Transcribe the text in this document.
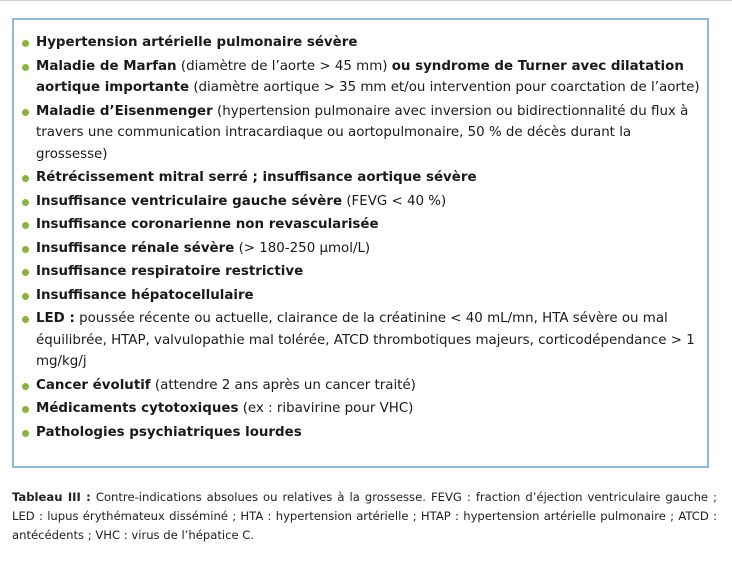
Hypertension artérielle pulmonaire sévère
Maladie de Marfan (diamètre de l’aorte > 45 mm) ou syndrome de Turner avec dilatation aortique importante (diamètre aortique > 35 mm et/ou intervention pour coarctation de l’aorte)
Maladie d’Eisenmenger (hypertension pulmonaire avec inversion ou bidirectionnalité du flux à travers une communication intracardiaque ou aortopulmonaire, 50 % de décès durant la grossesse)
Rétrécissement mitral serré ; insuffisance aortique sévère
Insuffisance ventriculaire gauche sévère (FEVG < 40 %)
Insuffisance coronarienne non revascularisée
Insuffisance rénale sévère (> 180-250 µmol/L)
Insuffisance respiratoire restrictive
Insuffisance hépatocellulaire
LED : poussée récente ou actuelle, clairance de la créatinine < 40 mL/mn, HTA sévère ou mal équilibrée, HTAP, valvulopathie mal tolérée, ATCD thrombotiques majeurs, corticodépendance > 1 mg/kg/j
Cancer évolutif (attendre 2 ans après un cancer traité)
Médicaments cytotoxiques (ex : ribavirine pour VHC)
Pathologies psychiatriques lourdes
Tableau III : Contre-indications absolues ou relatives à la grossesse. FEVG : fraction d’éjection ventriculaire gauche ; LED : lupus érythémateux disséminé ; HTA : hypertension artérielle ; HTAP : hypertension artérielle pulmonaire ; ATCD : antécédents ; VHC : virus de l’hépatice C.
